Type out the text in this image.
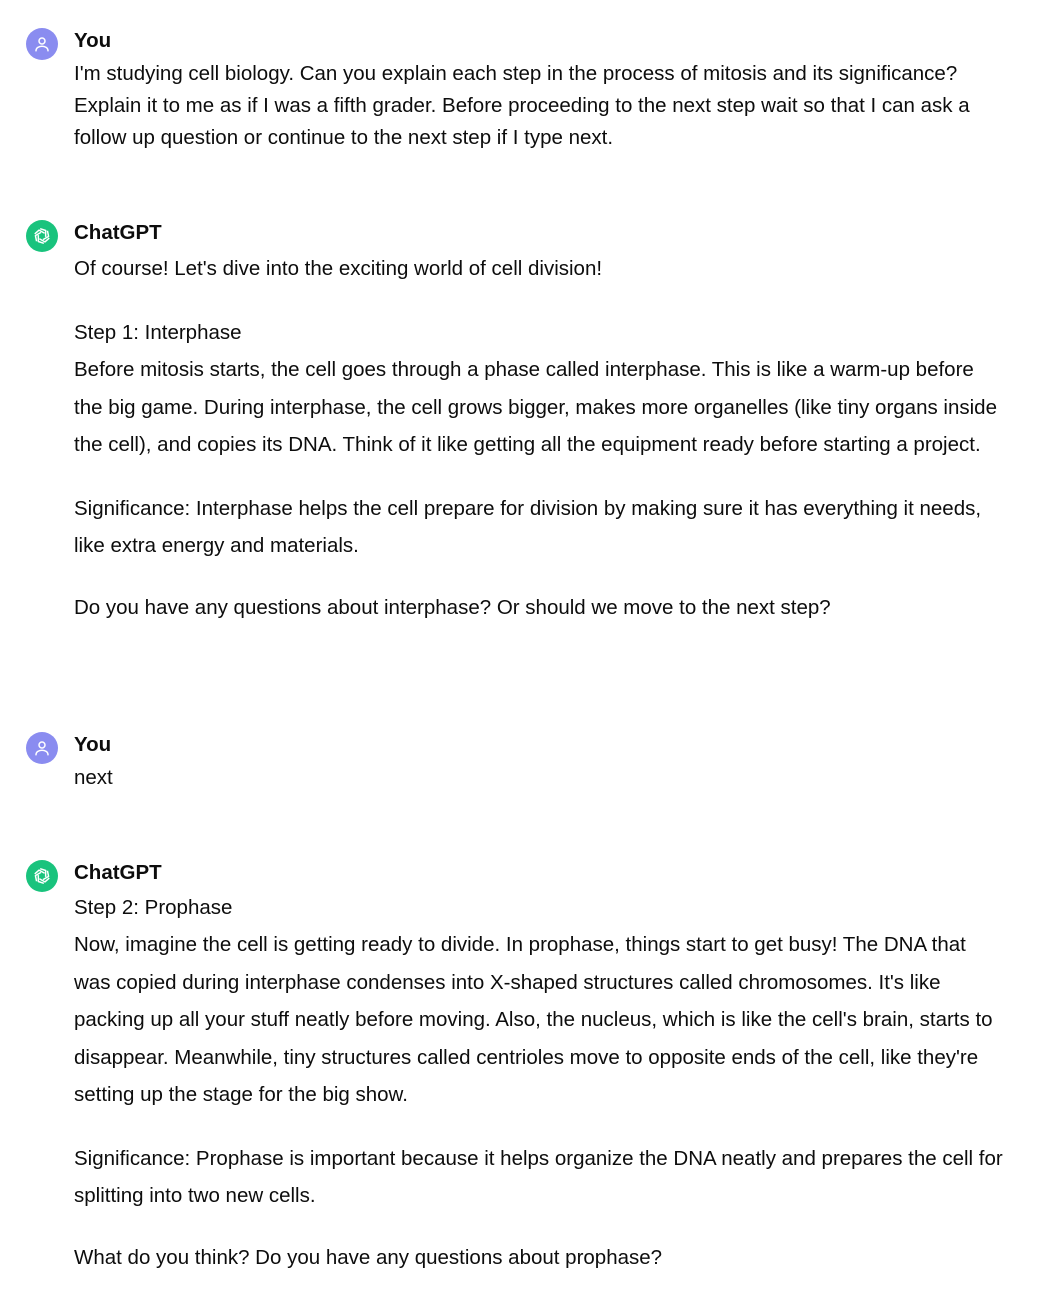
You

I'm studying cell biology. Can you explain each step in the process of mitosis and its significance? Explain it to me as if I was a fifth grader. Before proceeding to the next step wait so that I can ask a follow up question or continue to the next step if I type next.

ChatGPT

Of course! Let's dive into the exciting world of cell division!

Step 1: Interphase

Before mitosis starts, the cell goes through a phase called interphase. This is like a warm-up before the big game. During interphase, the cell grows bigger, makes more organelles (like tiny organs inside the cell), and copies its DNA. Think of it like getting all the equipment ready before starting a project.

Significance: Interphase helps the cell prepare for division by making sure it has everything it needs, like extra energy and materials.

Do you have any questions about interphase? Or should we move to the next step?

You

next

ChatGPT

Step 2: Prophase

Now, imagine the cell is getting ready to divide. In prophase, things start to get busy! The DNA that was copied during interphase condenses into X-shaped structures called chromosomes. It's like packing up all your stuff neatly before moving. Also, the nucleus, which is like the cell's brain, starts to disappear. Meanwhile, tiny structures called centrioles move to opposite ends of the cell, like they're setting up the stage for the big show.

Significance: Prophase is important because it helps organize the DNA neatly and prepares the cell for splitting into two new cells.

What do you think? Do you have any questions about prophase?
